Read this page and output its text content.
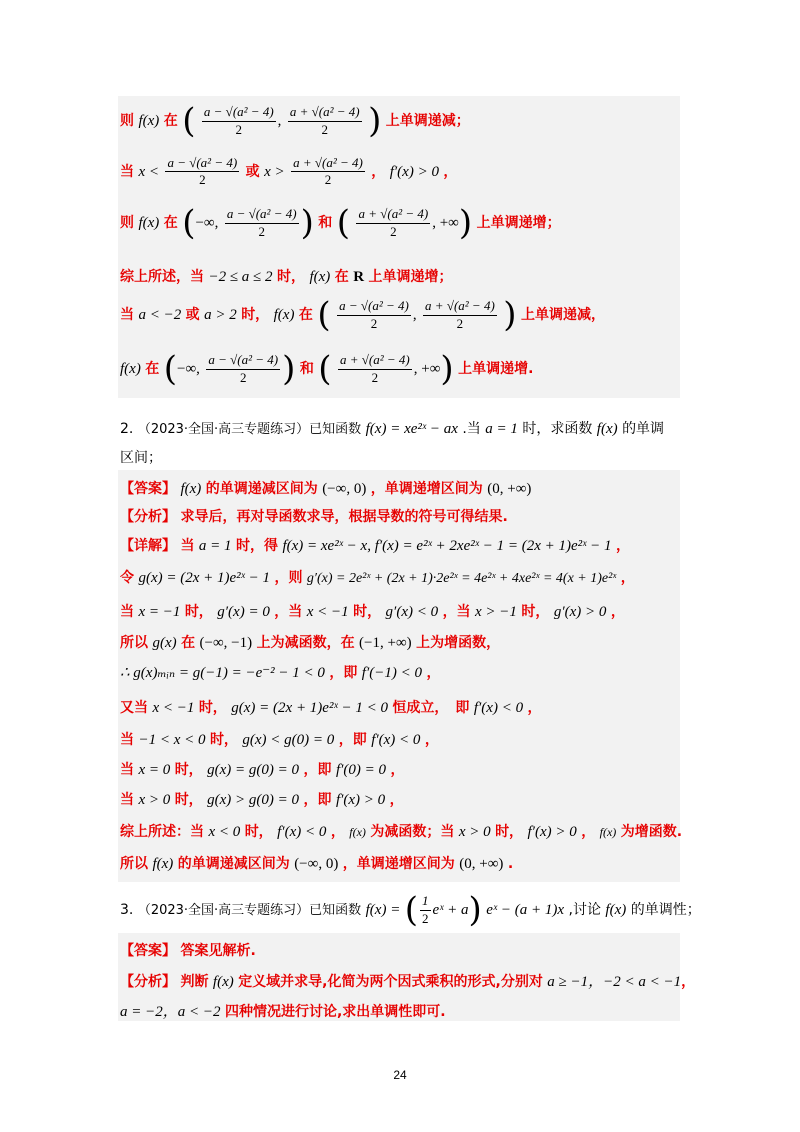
则 f(x) 在 ( $\frac{\text{a − √(a² − 4)}}{2}$ , $\frac{\text{a + √(a² − 4)}}{2}$ ) 上单调递减；
当 $x < \frac{\text{a − √(a² − 4)}}{2}$ 或 $x > \frac{\text{a + √(a² − 4)}}{2}$ ， f′(x) > 0 ，
则 f(x) 在 (−∞, $\frac{\text{a − √(a² − 4)}}{2}$ ) 和 ( $\frac{\text{a + √(a² − 4)}}{2}$ , +∞) 上单调递增；
综上所述，当 −2 ≤ a ≤ 2 时， f(x) 在 R 上单调递增；
当 a < −2 或 a > 2 时， f(x) 在 ( $\frac{\text{a − √(a² − 4)}}{2}$ , $\frac{\text{a + √(a² − 4)}}{2}$ ) 上单调递减，
f(x) 在 (−∞, $\frac{\text{a − √(a² − 4)}}{2}$ ) 和 ( $\frac{\text{a + √(a² − 4)}}{2}$ , +∞) 上单调递增.
2. （2023·全国·高三专题练习）已知函数 f(x) = xe²ˣ − ax .当 a = 1 时，求函数 f(x) 的单调
区间；
【答案】 f(x) 的单调递减区间为 (−∞, 0) ，单调递增区间为 (0, +∞)
【分析】 求导后，再对导函数求导，根据导数的符号可得结果.
【详解】 当 a = 1 时，得 f(x) = xe²ˣ − x, f′(x) = e²ˣ + 2xe²ˣ − 1 = (2x + 1)e²ˣ − 1 ，
令 g(x) = (2x + 1)e²ˣ − 1 ，则 g′(x) = 2e²ˣ + (2x + 1)·2e²ˣ = 4e²ˣ + 4xe²ˣ = 4(x + 1)e²ˣ ，
当 x = −1 时， g′(x) = 0 ，当 x < −1 时， g′(x) < 0 ，当 x > −1 时， g′(x) > 0 ，
所以 g(x) 在 (−∞, −1) 上为减函数，在 (−1, +∞) 上为增函数，
∴ g(x)ₘᵢₙ = g(−1) = −e⁻² − 1 < 0 ，即 f′(−1) < 0 ，
又当 x < −1 时， g(x) = (2x + 1)e²ˣ − 1 < 0 恒成立，　即 f′(x) < 0 ，
当 −1 < x < 0 时， g(x) < g(0) = 0 ，即 f′(x) < 0 ，
当 x = 0 时， g(x) = g(0) = 0 ，即 f′(0) = 0 ，
当 x > 0 时， g(x) > g(0) = 0 ，即 f′(x) > 0 ，
综上所述：当 x < 0 时， f′(x) < 0 ， f(x) 为减函数；当 x > 0 时， f′(x) > 0 ， f(x) 为增函数.
所以 f(x) 的单调递减区间为 (−∞, 0) ，单调递增区间为 (0, +∞) .
3. （2023·全国·高三专题练习）已知函数 f(x) = ( $\frac{1}{2}$ eˣ + a) eˣ − (a + 1)x ,讨论 f(x) 的单调性；
【答案】 答案见解析.
【分析】 判断 f(x) 定义域并求导,化简为两个因式乘积的形式,分别对 a ≥ −1，−2 < a < −1，
a = −2，a < −2 四种情况进行讨论,求出单调性即可.
24
